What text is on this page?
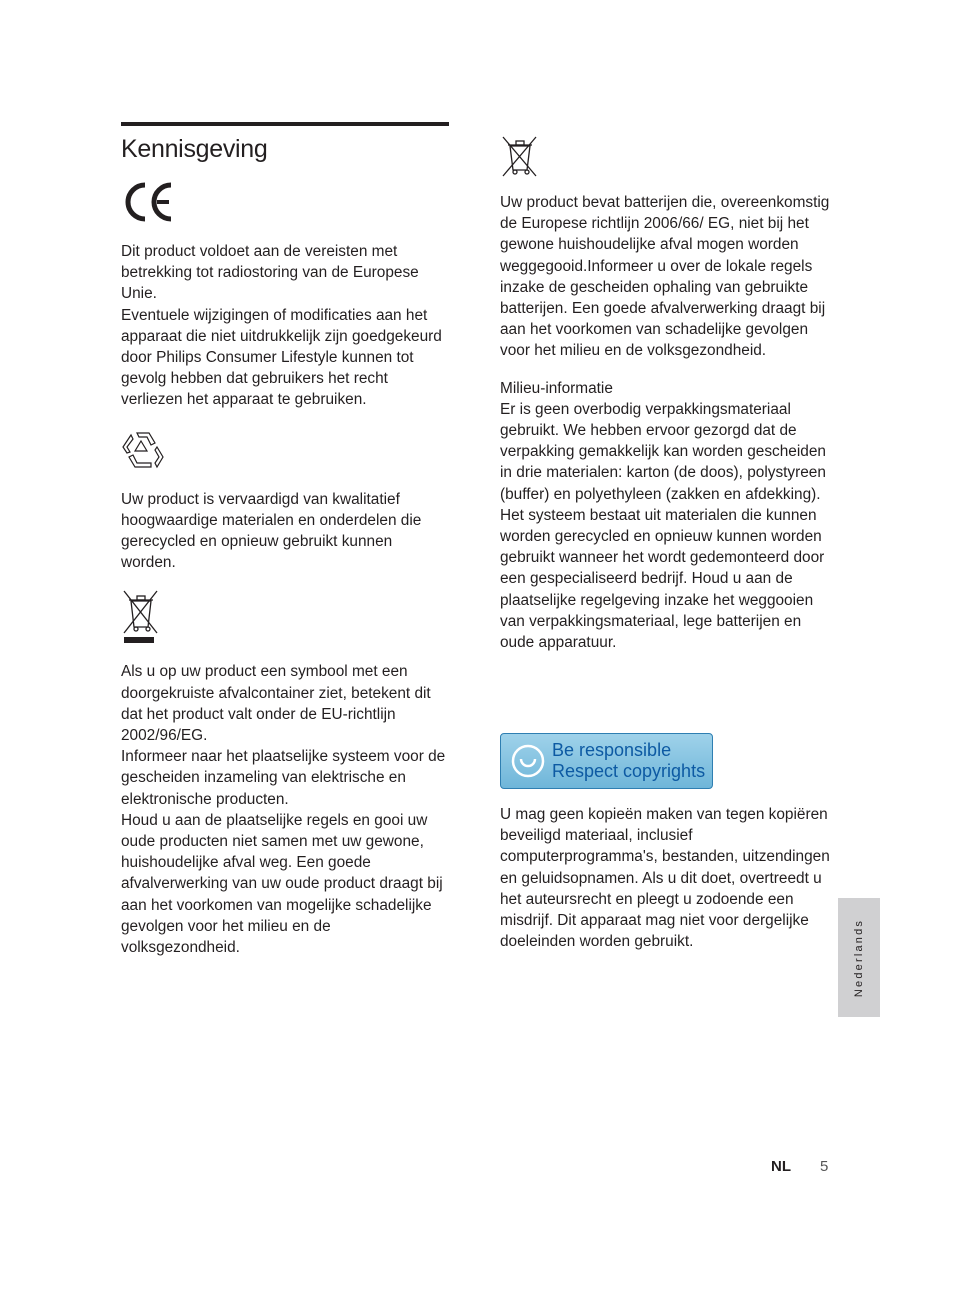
Kennisgeving

Dit product voldoet aan de vereisten met betrekking tot radiostoring van de Europese Unie.

Eventuele wijzigingen of modificaties aan het apparaat die niet uitdrukkelijk zijn goedgekeurd door Philips Consumer Lifestyle kunnen tot gevolg hebben dat gebruikers het recht verliezen het apparaat te gebruiken.

Uw product is vervaardigd van kwalitatief hoogwaardige materialen en onderdelen die gerecycled en opnieuw gebruikt kunnen worden.

Als u op uw product een symbool met een doorgekruiste afvalcontainer ziet, betekent dit dat het product valt onder de EU-richtlijn 2002/96/EG.

Informeer naar het plaatselijke systeem voor de gescheiden inzameling van elektrische en elektronische producten.

Houd u aan de plaatselijke regels en gooi uw oude producten niet samen met uw gewone, huishoudelijke afval weg. Een goede afvalverwerking van uw oude product draagt bij aan het voorkomen van mogelijke schadelijke gevolgen voor het milieu en de volksgezondheid.

Uw product bevat batterijen die, overeenkomstig de Europese richtlijn 2006/66/ EG, niet bij het gewone huishoudelijke afval mogen worden weggegooid.Informeer u over de lokale regels inzake de gescheiden ophaling van gebruikte batterijen. Een goede afvalverwerking draagt bij aan het voorkomen van schadelijke gevolgen voor het milieu en de volksgezondheid.

Milieu-informatie

Er is geen overbodig verpakkingsmateriaal gebruikt. We hebben ervoor gezorgd dat de verpakking gemakkelijk kan worden gescheiden in drie materialen: karton (de doos), polystyreen (buffer) en polyethyleen (zakken en afdekking).

Het systeem bestaat uit materialen die kunnen worden gerecycled en opnieuw kunnen worden gebruikt wanneer het wordt gedemonteerd door een gespecialiseerd bedrijf. Houd u aan de plaatselijke regelgeving inzake het weggooien van verpakkingsmateriaal, lege batterijen en oude apparatuur.

Be responsible
Respect copyrights

U mag geen kopieën maken van tegen kopiëren beveiligd materiaal, inclusief computerprogramma's, bestanden, uitzendingen en geluidsopnamen. Als u dit doet, overtreedt u het auteursrecht en pleegt u zodoende een misdrijf. Dit apparaat mag niet voor dergelijke doeleinden worden gebruikt.	Nederlands
NL 5
